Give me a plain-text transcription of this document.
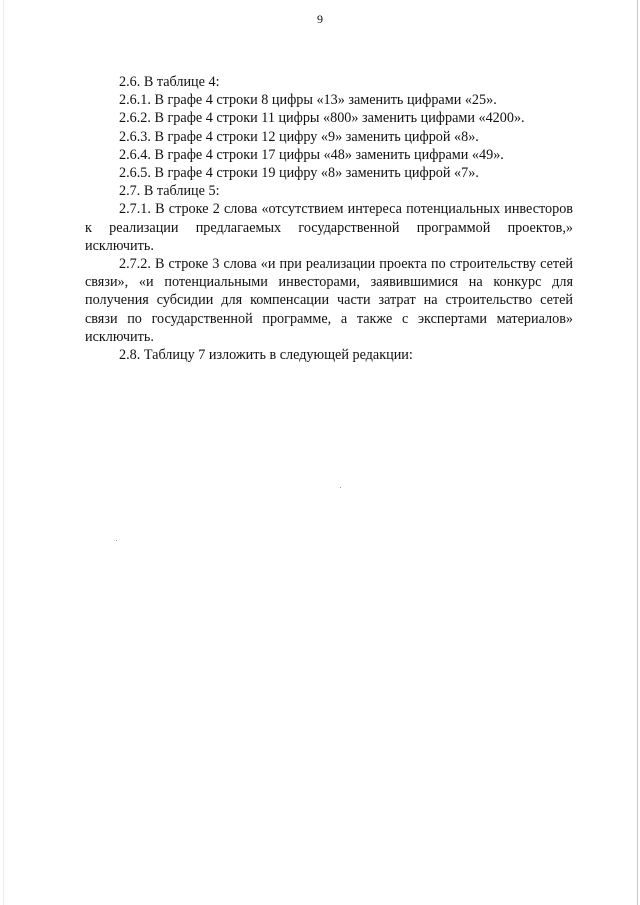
9

2.6. В таблице 4:

2.6.1. В графе 4 строки 8 цифры «13» заменить цифрами «25».

2.6.2. В графе 4 строки 11 цифры «800» заменить цифрами «4200».

2.6.3. В графе 4 строки 12 цифру «9» заменить цифрой «8».

2.6.4. В графе 4 строки 17 цифры «48» заменить цифрами «49».

2.6.5. В графе 4 строки 19 цифру «8» заменить цифрой «7».

2.7. В таблице 5:

2.7.1. В строке 2 слова «отсутствием интереса потенциальных инвесторов к реализации предлагаемых государственной программой проектов,» исключить.

2.7.2. В строке 3 слова «и при реализации проекта по строительству сетей связи», «и потенциальными инвесторами, заявившимися на конкурс для получения субсидии для компенсации части затрат на строительство сетей связи по государственной программе, а также с экспертами материалов» исключить.

2.8. Таблицу 7 изложить в следующей редакции:
